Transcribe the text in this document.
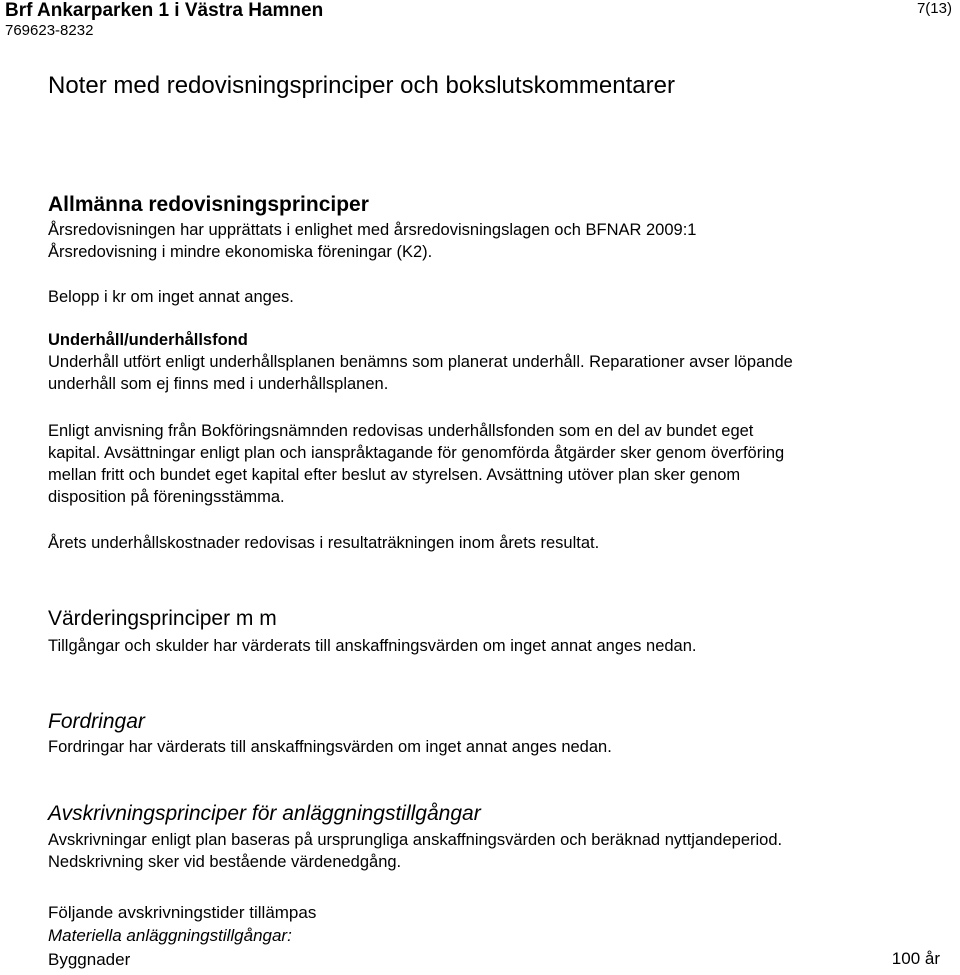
Brf Ankarparken 1 i Västra Hamnen
769623-8232
7(13)
Noter med redovisningsprinciper och bokslutskommentarer
Allmänna redovisningsprinciper
Årsredovisningen har upprättats i enlighet med årsredovisningslagen och BFNAR 2009:1
Årsredovisning i mindre ekonomiska föreningar (K2).
Belopp i kr om inget annat anges.
Underhåll/underhållsfond
Underhåll utfört enligt underhållsplanen benämns som planerat underhåll. Reparationer avser löpande
underhåll som ej finns med i underhållsplanen.
Enligt anvisning från Bokföringsnämnden redovisas underhållsfonden som en del av bundet eget
kapital. Avsättningar enligt plan och ianspråktagande för genomförda åtgärder sker genom överföring
mellan fritt och bundet eget kapital efter beslut av styrelsen. Avsättning utöver plan sker genom
disposition på föreningsstämma.
Årets underhållskostnader redovisas i resultaträkningen inom årets resultat.
Värderingsprinciper m m
Tillgångar och skulder har värderats till anskaffningsvärden om inget annat anges nedan.
Fordringar
Fordringar har värderats till anskaffningsvärden om inget annat anges nedan.
Avskrivningsprinciper för anläggningstillgångar
Avskrivningar enligt plan baseras på ursprungliga anskaffningsvärden och beräknad nyttjandeperiod.
Nedskrivning sker vid bestående värdenedgång.
Följande avskrivningstider tillämpas
Materiella anläggningstillgångar:
Byggnader	100 år
